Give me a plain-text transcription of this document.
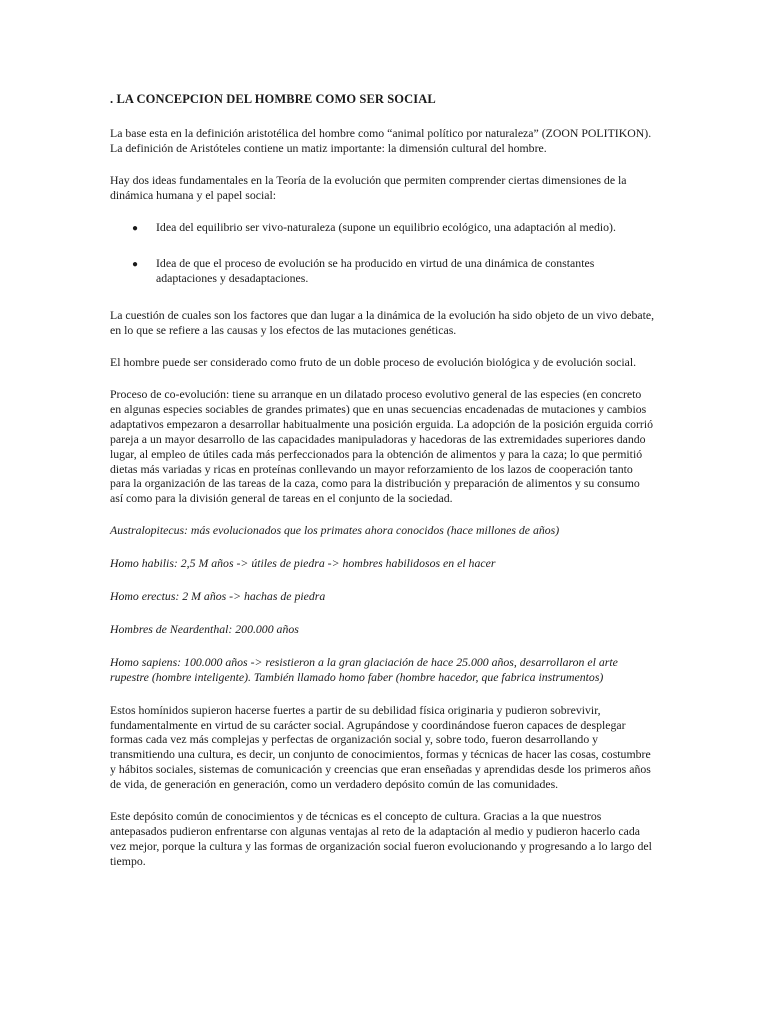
. LA CONCEPCION DEL HOMBRE COMO SER SOCIAL
La base esta en la definición aristotélica del hombre como “animal político por naturaleza” (ZOON POLITIKON). La definición de Aristóteles contiene un matiz importante: la dimensión cultural del hombre.
Hay dos ideas fundamentales en la Teoría de la evolución que permiten comprender ciertas dimensiones de la dinámica humana y el papel social:
● Idea del equilibrio ser vivo-naturaleza (supone un equilibrio ecológico, una adaptación al medio).
● Idea de que el proceso de evolución se ha producido en virtud de una dinámica de constantes adaptaciones y desadaptaciones.
La cuestión de cuales son los factores que dan lugar a la dinámica de la evolución ha sido objeto de un vivo debate, en lo que se refiere a las causas y los efectos de las mutaciones genéticas.
El hombre puede ser considerado como fruto de un doble proceso de evolución biológica y de evolución social.
Proceso de co-evolución: tiene su arranque en un dilatado proceso evolutivo general de las especies (en concreto en algunas especies sociables de grandes primates) que en unas secuencias encadenadas de mutaciones y cambios adaptativos empezaron a desarrollar habitualmente una posición erguida. La adopción de la posición erguida corrió pareja a un mayor desarrollo de las capacidades manipuladoras y hacedoras de las extremidades superiores dando lugar, al empleo de útiles cada más perfeccionados para la obtención de alimentos y para la caza; lo que permitió dietas más variadas y ricas en proteínas conllevando un mayor reforzamiento de los lazos de cooperación tanto para la organización de las tareas de la caza, como para la distribución y preparación de alimentos y su consumo así como para la división general de tareas en el conjunto de la sociedad.
Australopitecus: más evolucionados que los primates ahora conocidos (hace millones de años)
Homo habilis: 2,5 M años -> útiles de piedra -> hombres habilidosos en el hacer
Homo erectus: 2 M años -> hachas de piedra
Hombres de Neardenthal: 200.000 años
Homo sapiens: 100.000 años -> resistieron a la gran glaciación de hace 25.000 años, desarrollaron el arte rupestre (hombre inteligente). También llamado homo faber (hombre hacedor, que fabrica instrumentos)
Estos homínidos supieron hacerse fuertes a partir de su debilidad física originaria y pudieron sobrevivir, fundamentalmente en virtud de su carácter social. Agrupándose y coordinándose fueron capaces de desplegar formas cada vez más complejas y perfectas de organización social y, sobre todo, fueron desarrollando y transmitiendo una cultura, es decir, un conjunto de conocimientos, formas y técnicas de hacer las cosas, costumbre y hábitos sociales, sistemas de comunicación y creencias que eran enseñadas y aprendidas desde los primeros años de vida, de generación en generación, como un verdadero depósito común de las comunidades.
Este depósito común de conocimientos y de técnicas es el concepto de cultura. Gracias a la que nuestros antepasados pudieron enfrentarse con algunas ventajas al reto de la adaptación al medio y pudieron hacerlo cada vez mejor, porque la cultura y las formas de organización social fueron evolucionando y progresando a lo largo del tiempo.
